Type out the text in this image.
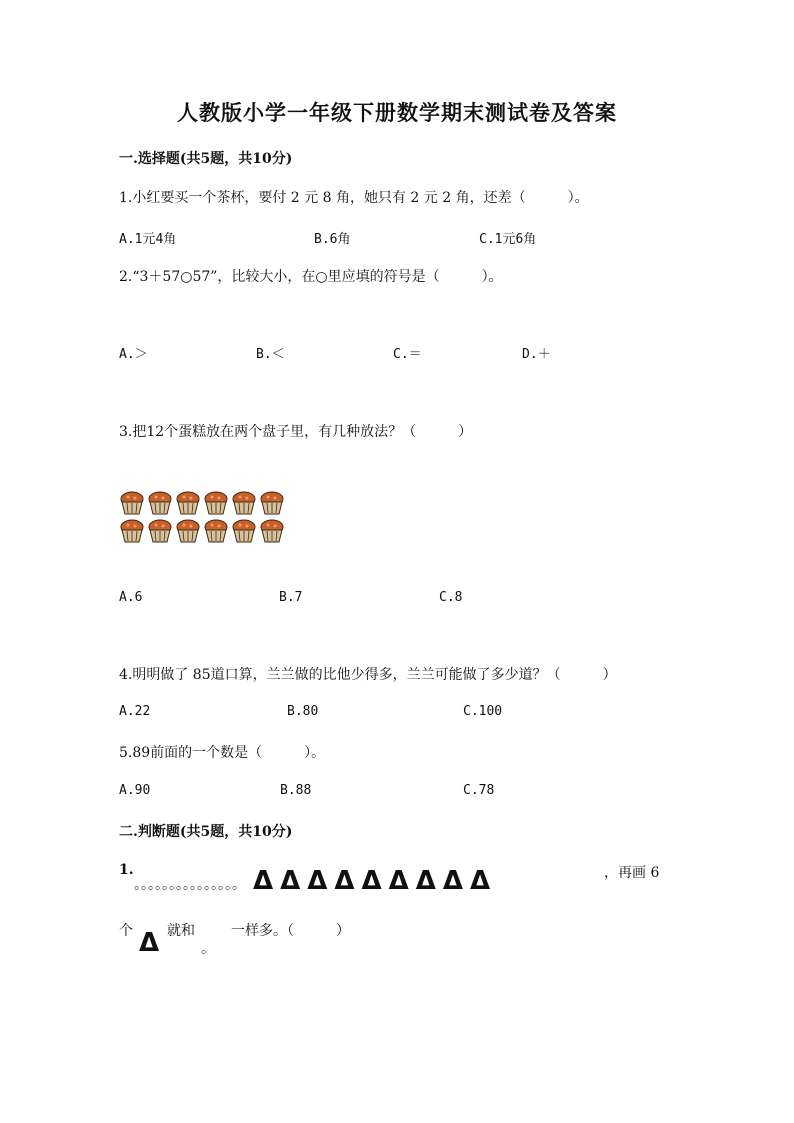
人教版小学一年级下册数学期末测试卷及答案
一.选择题(共5题，共10分)
1.小红要买一个茶杯，要付 2 元 8 角，她只有 2 元 2 角，还差（　　　）。
A.1元4角	B.6角	C.1元6角
2.“3＋57○57”，比较大小，在○里应填的符号是（　　　）。
A.＞	B.＜	C.＝	D.＋
3.把12个蛋糕放在两个盘子里，有几种放法？（　　　）
A.6	B.7	C.8
4.明明做了 85道口算，兰兰做的比他少得多，兰兰可能做了多少道？（　　　）
A.22	B.80	C.100
5.89前面的一个数是（　　　）。
A.90	B.88	C.78
二.判断题(共5题，共10分)
1.
。。。。。。。。。。。。。。。 Δ Δ Δ Δ Δ Δ Δ Δ Δ	，再画 6
个 Δ 就和
。
一样多。（　　　）
